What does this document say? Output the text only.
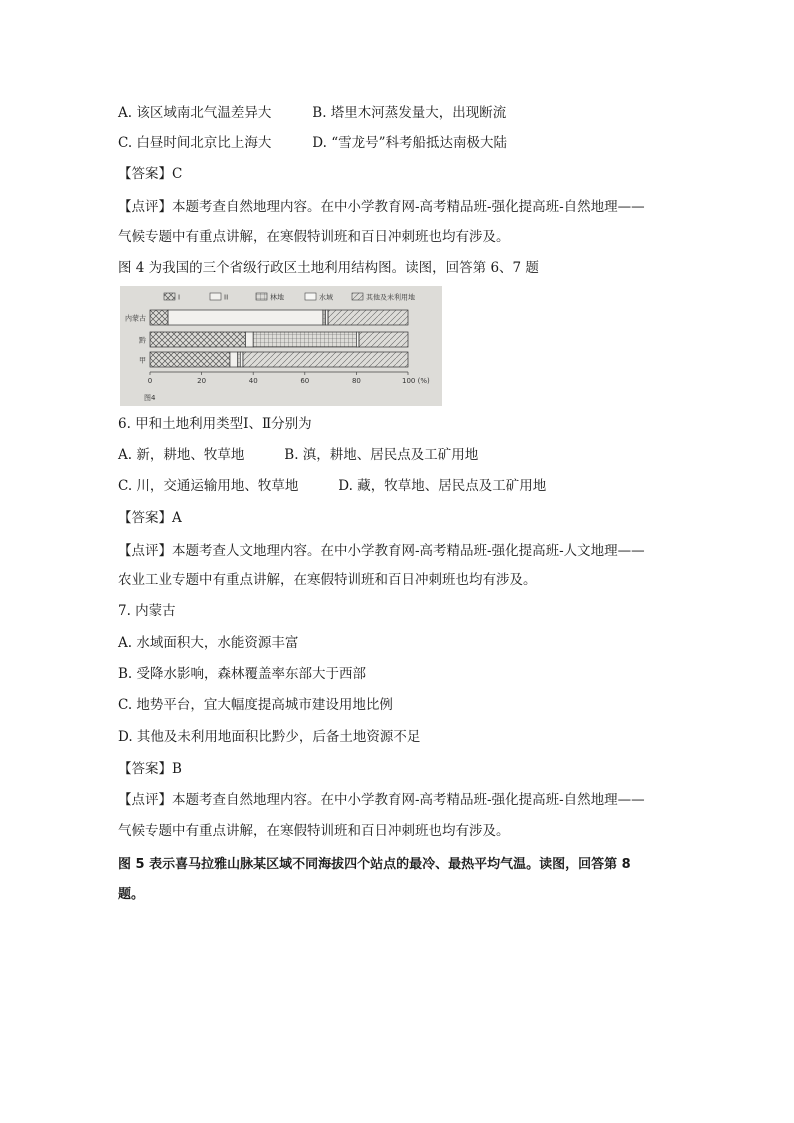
A. 该区域南北气温差异大	B. 塔里木河蒸发量大，出现断流
C. 白昼时间北京比上海大	D. “雪龙号”科考船抵达南极大陆
【答案】C
【点评】本题考查自然地理内容。在中小学教育网-高考精品班-强化提高班-自然地理——
气候专题中有重点讲解，在寒假特训班和百日冲刺班也均有涉及。
图 4 为我国的三个省级行政区土地利用结构图。读图，回答第 6、7 题
I	II	林地	水域	其他及未利用地
内蒙古
黔
甲
0	20	40	60	80	100 (%)
图4
6. 甲和土地利用类型Ⅰ、Ⅱ分别为
A. 新，耕地、牧草地	B. 滇，耕地、居民点及工矿用地
C. 川，交通运输用地、牧草地	D. 藏，牧草地、居民点及工矿用地
【答案】A
【点评】本题考查人文地理内容。在中小学教育网-高考精品班-强化提高班-人文地理——
农业工业专题中有重点讲解，在寒假特训班和百日冲刺班也均有涉及。
7. 内蒙古
A. 水域面积大，水能资源丰富
B. 受降水影响，森林覆盖率东部大于西部
C. 地势平台，宜大幅度提高城市建设用地比例
D. 其他及未利用地面积比黔少，后备土地资源不足
【答案】B
【点评】本题考查自然地理内容。在中小学教育网-高考精品班-强化提高班-自然地理——
气候专题中有重点讲解，在寒假特训班和百日冲刺班也均有涉及。
图 5 表示喜马拉雅山脉某区域不同海拔四个站点的最冷、最热平均气温。读图，回答第 8
题。
